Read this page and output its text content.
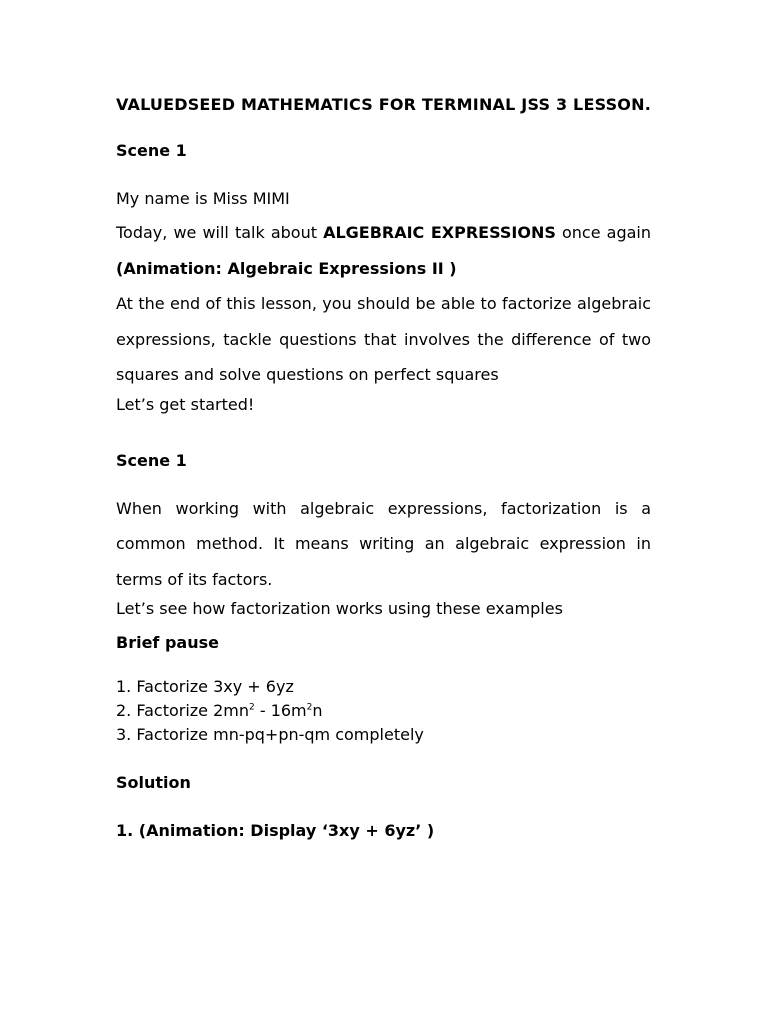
VALUEDSEED MATHEMATICS FOR TERMINAL JSS 3 LESSON.

Scene 1

My name is Miss MIMI

Today, we will talk about ALGEBRAIC EXPRESSIONS once again (Animation: Algebraic Expressions II )

At the end of this lesson, you should be able to factorize algebraic expressions, tackle questions that involves the difference of two squares and solve questions on perfect squares

Let’s get started!

Scene 1

When working with algebraic expressions, factorization is a common method. It means writing an algebraic expression in terms of its factors.

Let’s see how factorization works using these examples

Brief pause

1. Factorize 3xy + 6yz

2. Factorize $2mn^2 - 16m^2n$

3. Factorize mn-pq+pn-qm completely

Solution

1. (Animation: Display ‘3xy + 6yz’ )
